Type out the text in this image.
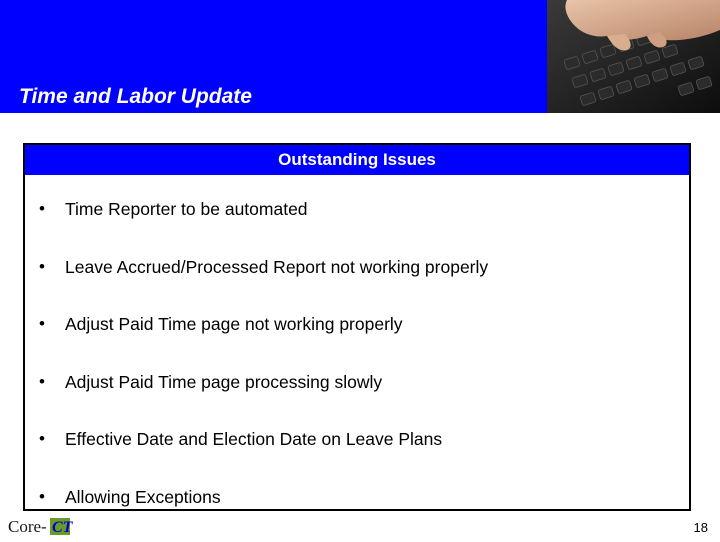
Time and Labor Update
Outstanding Issues
• Time Reporter to be automated
• Leave Accrued/Processed Report not working properly
• Adjust Paid Time page not working properly
• Adjust Paid Time page processing slowly
• Effective Date and Election Date on Leave Plans
• Allowing Exceptions
Core- CT	18
